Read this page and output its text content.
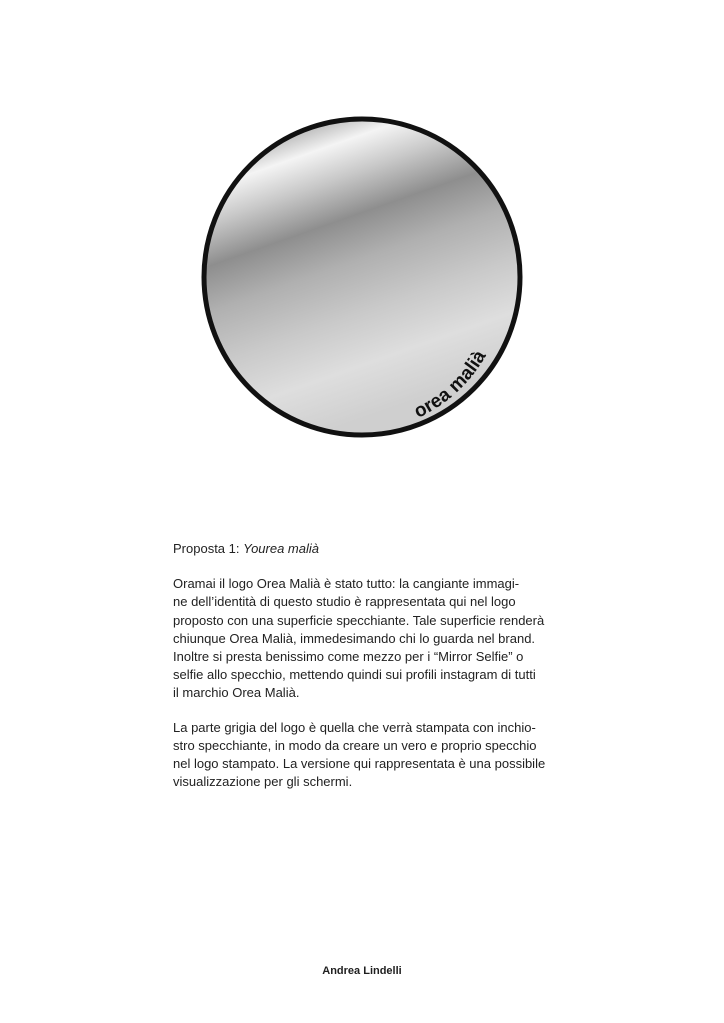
orea malià

Proposta 1: Yourea malià

Oramai il logo Orea Malià è stato tutto: la cangiante immagi-
ne dell’identità di questo studio è rappresentata qui nel logo
proposto con una superficie specchiante. Tale superficie renderà
chiunque Orea Malià, immedesimando chi lo guarda nel brand.
Inoltre si presta benissimo come mezzo per i “Mirror Selfie” o
selfie allo specchio, mettendo quindi sui profili instagram di tutti
il marchio Orea Malià.

La parte grigia del logo è quella che verrà stampata con inchio-
stro specchiante, in modo da creare un vero e proprio specchio
nel logo stampato. La versione qui rappresentata è una possibile
visualizzazione per gli schermi.

Andrea Lindelli
